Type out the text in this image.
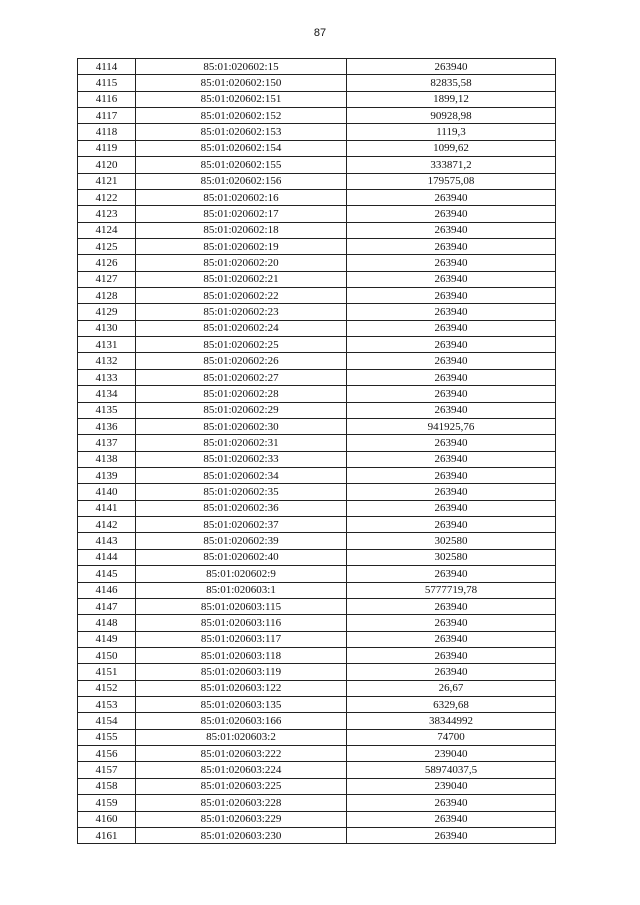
87
4114	85:01:020602:15	263940
4115	85:01:020602:150	82835,58
4116	85:01:020602:151	1899,12
4117	85:01:020602:152	90928,98
4118	85:01:020602:153	1119,3
4119	85:01:020602:154	1099,62
4120	85:01:020602:155	333871,2
4121	85:01:020602:156	179575,08
4122	85:01:020602:16	263940
4123	85:01:020602:17	263940
4124	85:01:020602:18	263940
4125	85:01:020602:19	263940
4126	85:01:020602:20	263940
4127	85:01:020602:21	263940
4128	85:01:020602:22	263940
4129	85:01:020602:23	263940
4130	85:01:020602:24	263940
4131	85:01:020602:25	263940
4132	85:01:020602:26	263940
4133	85:01:020602:27	263940
4134	85:01:020602:28	263940
4135	85:01:020602:29	263940
4136	85:01:020602:30	941925,76
4137	85:01:020602:31	263940
4138	85:01:020602:33	263940
4139	85:01:020602:34	263940
4140	85:01:020602:35	263940
4141	85:01:020602:36	263940
4142	85:01:020602:37	263940
4143	85:01:020602:39	302580
4144	85:01:020602:40	302580
4145	85:01:020602:9	263940
4146	85:01:020603:1	5777719,78
4147	85:01:020603:115	263940
4148	85:01:020603:116	263940
4149	85:01:020603:117	263940
4150	85:01:020603:118	263940
4151	85:01:020603:119	263940
4152	85:01:020603:122	26,67
4153	85:01:020603:135	6329,68
4154	85:01:020603:166	38344992
4155	85:01:020603:2	74700
4156	85:01:020603:222	239040
4157	85:01:020603:224	58974037,5
4158	85:01:020603:225	239040
4159	85:01:020603:228	263940
4160	85:01:020603:229	263940
4161	85:01:020603:230	263940
